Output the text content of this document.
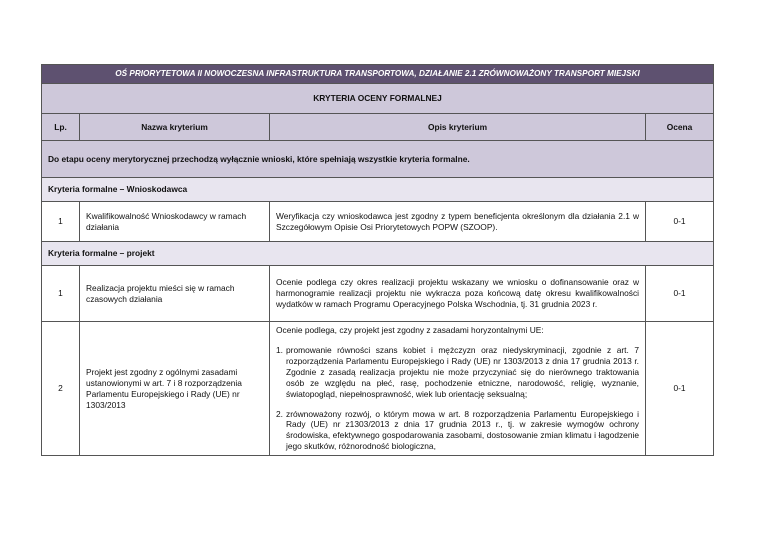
OŚ PRIORYTETOWA II NOWOCZESNA INFRASTRUKTURA TRANSPORTOWA, DZIAŁANIE 2.1 ZRÓWNOWAŻONY TRANSPORT MIEJSKI			
KRYTERIA OCENY FORMALNEJ			
Lp.	Nazwa kryterium	Opis kryterium	Ocena
Do etapu oceny merytorycznej przechodzą wyłącznie wnioski, które spełniają wszystkie kryteria formalne.			
Kryteria formalne – Wnioskodawca			
1	Kwalifikowalność Wnioskodawcy w ramach działania	Weryfikacja czy wnioskodawca jest zgodny z typem beneficjenta określonym dla działania 2.1 w Szczegółowym Opisie Osi Priorytetowych POPW (SZOOP).	0-1
Kryteria formalne – projekt			
1	Realizacja projektu mieści się w ramach czasowych działania	Ocenie podlega czy okres realizacji projektu wskazany we wniosku o dofinansowanie oraz w harmonogramie realizacji projektu nie wykracza poza końcową datę okresu kwalifikowalności wydatków w ramach Programu Operacyjnego Polska Wschodnia, tj. 31 grudnia 2023 r.	0-1
2	Projekt jest zgodny z ogólnymi zasadami ustanowionymi w art. 7 i 8 rozporządzenia Parlamentu Europejskiego i Rady (UE) nr 1303/2013	Ocenie podlega, czy projekt jest zgodny z zasadami horyzontalnymi UE:

1. promowanie równości szans kobiet i mężczyzn oraz niedyskryminacji, zgodnie z art. 7 rozporządzenia Parlamentu Europejskiego i Rady (UE) nr 1303/2013 z dnia 17 grudnia 2013 r. Zgodnie z zasadą realizacja projektu nie może przyczyniać się do nierównego traktowania osób ze względu na płeć, rasę, pochodzenie etniczne, narodowość, religię, wyznanie, światopogląd, niepełnosprawność, wiek lub orientację seksualną;
2. zrównoważony rozwój, o którym mowa w art. 8 rozporządzenia Parlamentu Europejskiego i Rady (UE) nr z1303/2013 z dnia 17 grudnia 2013 r., tj. w zakresie wymogów ochrony środowiska, efektywnego gospodarowania zasobami, dostosowanie zmian klimatu i łagodzenie jego skutków, różnorodność biologiczna,	0-1
